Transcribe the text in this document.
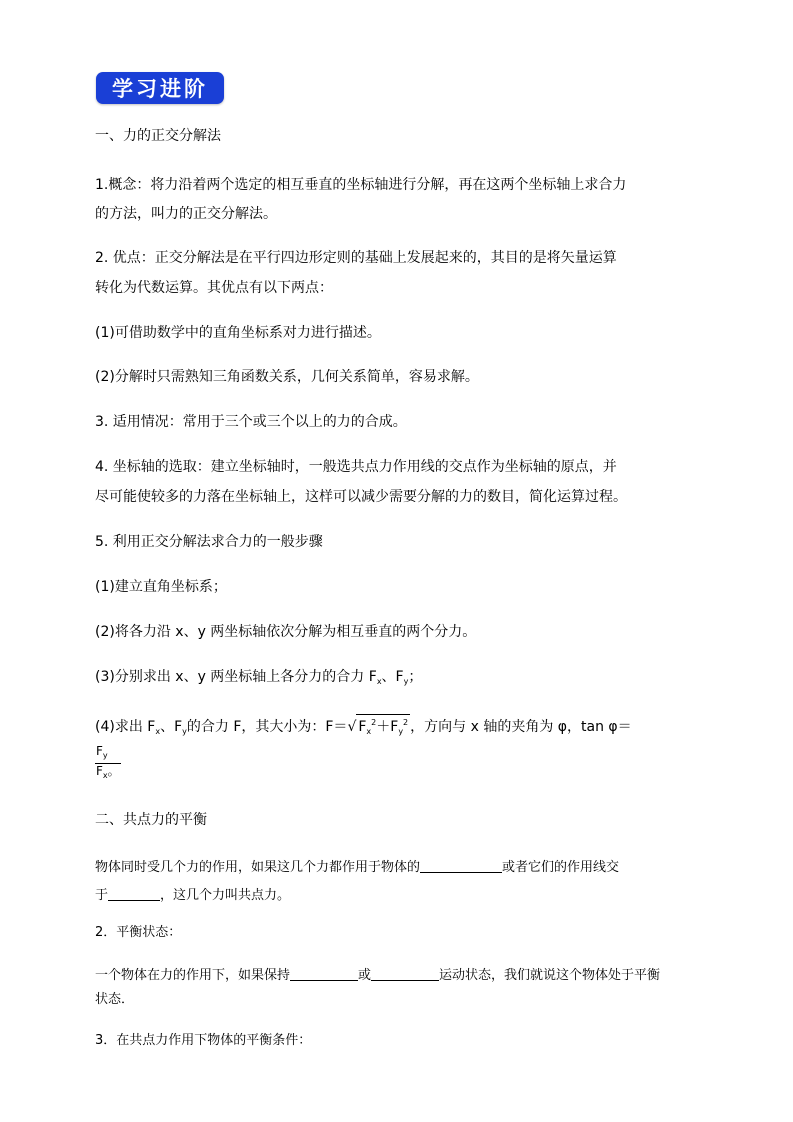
学习进阶
一、力的正交分解法
1.概念：将力沿着两个选定的相互垂直的坐标轴进行分解，再在这两个坐标轴上求合力
的方法，叫力的正交分解法。
2. 优点：正交分解法是在平行四边形定则的基础上发展起来的，其目的是将矢量运算
转化为代数运算。其优点有以下两点：
(1)可借助数学中的直角坐标系对力进行描述。
(2)分解时只需熟知三角函数关系，几何关系简单，容易求解。
3. 适用情况：常用于三个或三个以上的力的合成。
4. 坐标轴的选取：建立坐标轴时，一般选共点力作用线的交点作为坐标轴的原点，并
尽可能使较多的力落在坐标轴上，这样可以减少需要分解的力的数目，简化运算过程。
5. 利用正交分解法求合力的一般步骤
(1)建立直角坐标系；
(2)将各力沿 x、y 两坐标轴依次分解为相互垂直的两个分力。
(3)分别求出 x、y 两坐标轴上各分力的合力 $F_x$、$F_y$；
(4)求出 $F_x$、$F_y$的合力 F，其大小为：F＝√ $F_x^2+F_y^2$ ，方向与 x 轴的夹角为 φ，tan φ＝
$\frac{F_y}{F_x。}$
二、共点力的平衡
物体同时受几个力的作用，如果这几个力都作用于物体的	或者它们的作用线交
于	，这几个力叫共点力。
2．平衡状态：
一个物体在力的作用下，如果保持	或	运动状态，我们就说这个物体处于平衡
状态．
3．在共点力作用下物体的平衡条件：
